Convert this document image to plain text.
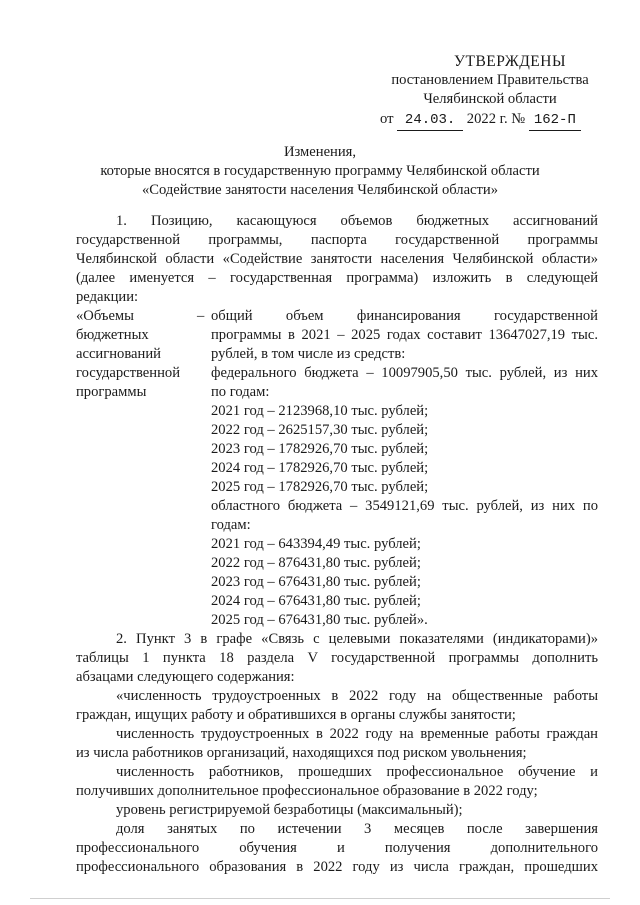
УТВЕРЖДЕНЫ
постановлением Правительства
Челябинской области
от 24.03. 2022 г. № 162-П
Изменения,
которые вносятся в государственную программу Челябинской области
«Содействие занятости населения Челябинской области»
1. Позицию, касающуюся объемов бюджетных ассигнований
государственной программы, паспорта государственной программы
Челябинской области «Содействие занятости населения Челябинской области»
(далее именуется – государственная программа) изложить в следующей
редакции:
«Объемы
бюджетных
ассигнований
государственной
программы
– общий объем финансирования государственной
программы в 2021 – 2025 годах составит 13647027,19 тыс.
рублей, в том числе из средств:
федерального бюджета – 10097905,50 тыс. рублей, из них
по годам:
2021 год – 2123968,10 тыс. рублей;
2022 год – 2625157,30 тыс. рублей;
2023 год – 1782926,70 тыс. рублей;
2024 год – 1782926,70 тыс. рублей;
2025 год – 1782926,70 тыс. рублей;
областного бюджета – 3549121,69 тыс. рублей, из них по
годам:
2021 год – 643394,49 тыс. рублей;
2022 год – 876431,80 тыс. рублей;
2023 год – 676431,80 тыс. рублей;
2024 год – 676431,80 тыс. рублей;
2025 год – 676431,80 тыс. рублей».
2. Пункт 3 в графе «Связь с целевыми показателями (индикаторами)»
таблицы 1 пункта 18 раздела V государственной программы дополнить
абзацами следующего содержания:
«численность трудоустроенных в 2022 году на общественные работы
граждан, ищущих работу и обратившихся в органы службы занятости;
численность трудоустроенных в 2022 году на временные работы граждан
из числа работников организаций, находящихся под риском увольнения;
численность работников, прошедших профессиональное обучение и
получивших дополнительное профессиональное образование в 2022 году;
уровень регистрируемой безработицы (максимальный);
доля занятых по истечении 3 месяцев после завершения
профессионального обучения и получения дополнительного
профессионального образования в 2022 году из числа граждан, прошедших
